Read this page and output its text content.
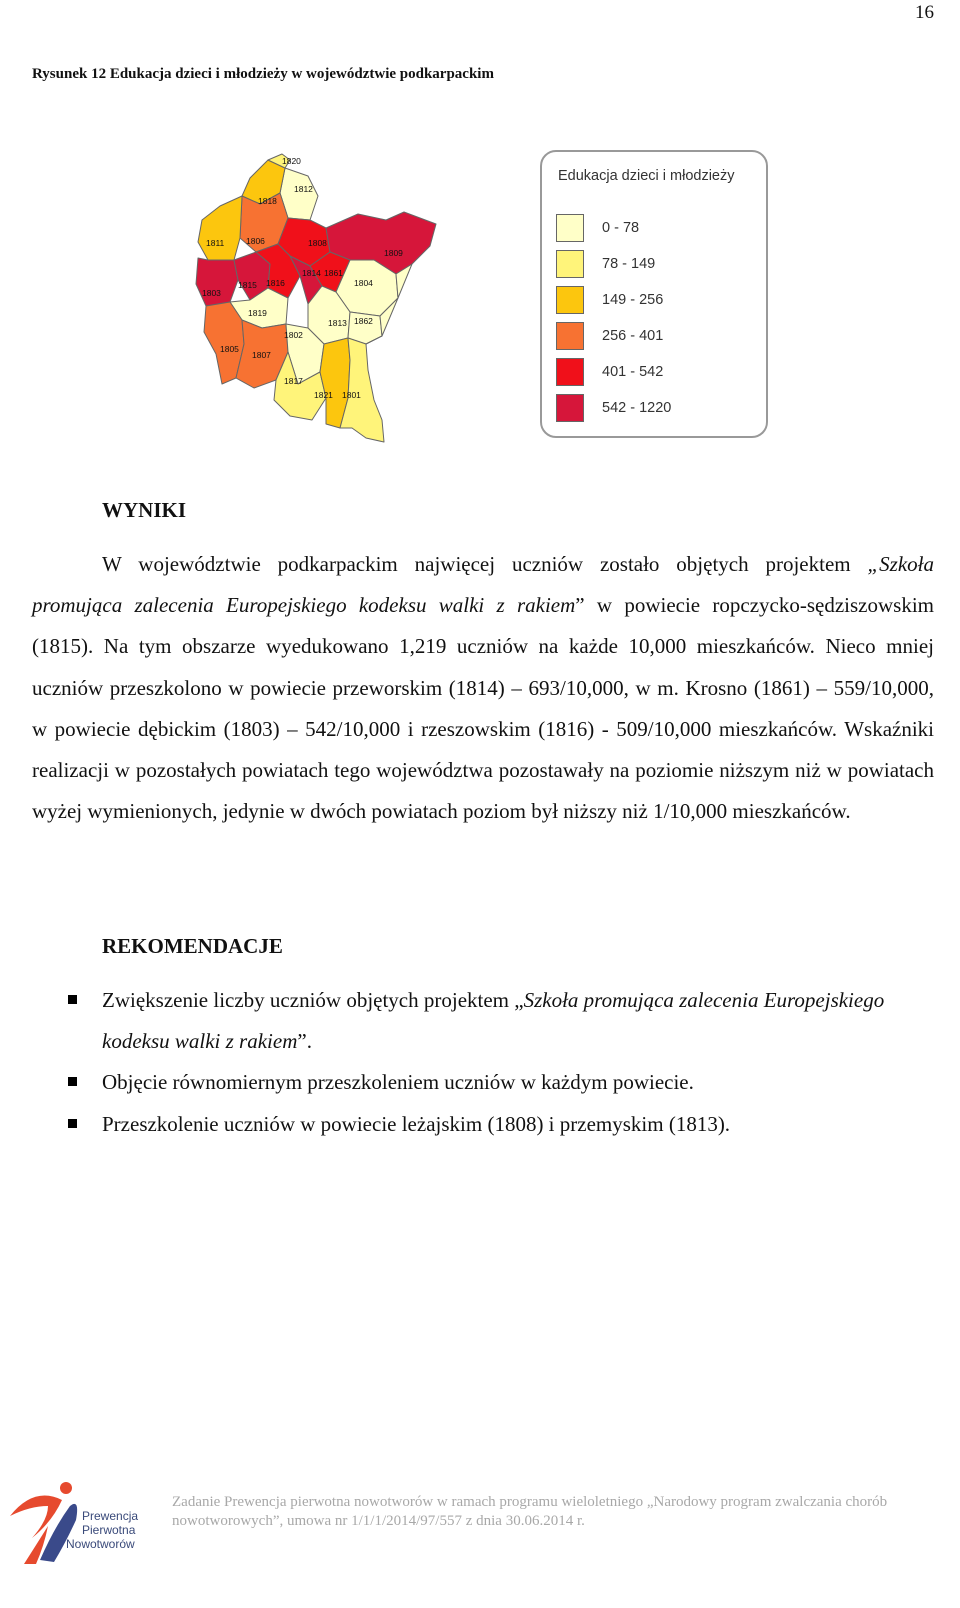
16
Rysunek 12 Edukacja dzieci i młodzieży w województwie podkarpackim
1812
1806
1811	1808
1809
1803
1815 1816
1814 1861
1804
1819
1813 1862
1805
1807
1802
1817
1821 1801
1818
1820
Edukacja dzieci i młodzieży
0 - 78
78 - 149
149 - 256
256 - 401
401 - 542
542 - 1220
WYNIKI

W województwie podkarpackim najwięcej uczniów zostało objętych projektem „Szkoła promująca zalecenia Europejskiego kodeksu walki z rakiem” w powiecie ropczycko-sędziszowskim (1815). Na tym obszarze wyedukowano 1,219 uczniów na każde 10,000 mieszkańców. Nieco mniej uczniów przeszkolono w powiecie przeworskim (1814) – 693/10,000, w m. Krosno (1861) – 559/10,000, w powiecie dębickim (1803) – 542/10,000 i rzeszowskim (1816) - 509/10,000 mieszkańców. Wskaźniki realizacji w pozostałych powiatach tego województwa pozostawały na poziomie niższym niż w powiatach wyżej wymienionych, jedynie w dwóch powiatach poziom był niższy niż 1/10,000 mieszkańców.

REKOMENDACJE
Zwiększenie liczby uczniów objętych projektem „Szkoła promująca zalecenia Europejskiego kodeksu walki z rakiem”.
Objęcie równomiernym przeszkoleniem uczniów w każdym powiecie.
Przeszkolenie uczniów w powiecie leżajskim (1808) i przemyskim (1813).
Prewencja
Pierwotna
Nowotworów
Zadanie Prewencja pierwotna nowotworów w ramach programu wieloletniego „Narodowy program zwalczania chorób nowotworowych”, umowa nr 1/1/1/2014/97/557 z dnia 30.06.2014 r.
